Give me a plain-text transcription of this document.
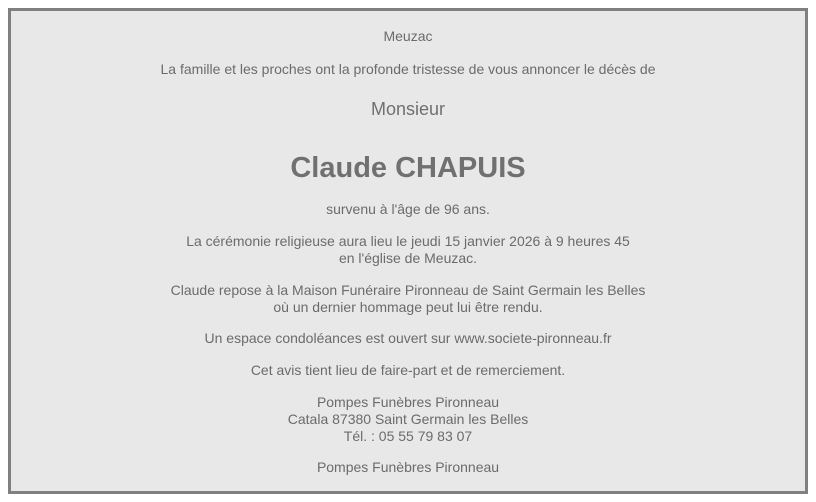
Meuzac
La famille et les proches ont la profonde tristesse de vous annoncer le décès de
Monsieur
Claude CHAPUIS
survenu à l'âge de 96 ans.
La cérémonie religieuse aura lieu le jeudi 15 janvier 2026 à 9 heures 45
en l'église de Meuzac.
Claude repose à la Maison Funéraire Pironneau de Saint Germain les Belles
où un dernier hommage peut lui être rendu.
Un espace condoléances est ouvert sur www.societe-pironneau.fr
Cet avis tient lieu de faire-part et de remerciement.
Pompes Funèbres Pironneau
Catala 87380 Saint Germain les Belles
Tél. : 05 55 79 83 07
Pompes Funèbres Pironneau
